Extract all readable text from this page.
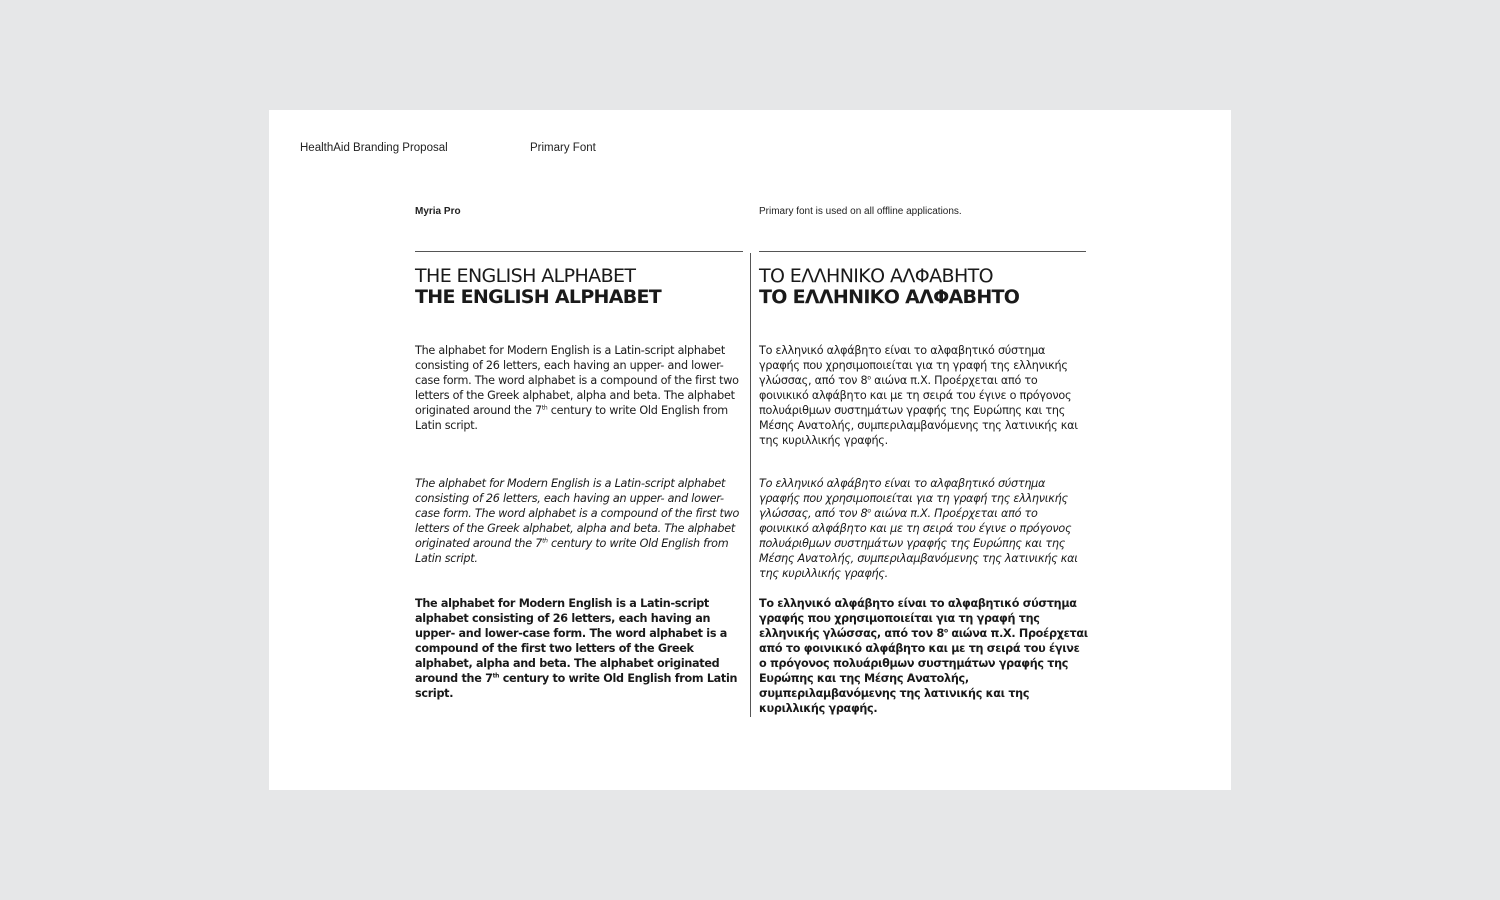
HealthAid Branding Proposal	Primary Font
Myria Pro	Primary font is used on all offline applications.
THE ENGLISH ALPHABET
THE ENGLISH ALPHABET
The alphabet for Modern English is a Latin-script alphabet consisting of 26 letters, each having an upper- and lower-case form. The word alphabet is a compound of the first two letters of the Greek alphabet, alpha and beta. The alphabet originated around the 7th century to write Old English from Latin script.
The alphabet for Modern English is a Latin-script alphabet consisting of 26 letters, each having an upper- and lower-case form. The word alphabet is a compound of the first two letters of the Greek alphabet, alpha and beta. The alphabet originated around the 7th century to write Old English from Latin script.
The alphabet for Modern English is a Latin-script alphabet consisting of 26 letters, each having an upper- and lower-case form. The word alphabet is a compound of the first two letters of the Greek alphabet, alpha and beta. The alphabet originated around the 7th century to write Old English from Latin script.
ΤΟ ΕΛΛΗΝΙΚΟ ΑΛΦΑΒΗΤΟ
ΤΟ ΕΛΛΗΝΙΚΟ ΑΛΦΑΒΗΤΟ
Το ελληνικό αλφάβητο είναι το αλφαβητικό σύστημα γραφής που χρησιμοποιείται για τη γραφή της ελληνικής γλώσσας, από τον $8^o$ αιώνα π.Χ. Προέρχεται από το φοινικικό αλφάβητο και με τη σειρά του έγινε ο πρόγονος πολυάριθμων συστημάτων γραφής της Ευρώπης και της Μέσης Ανατολής, συμπεριλαμβανόμενης της λατινικής και της κυριλλικής γραφής.
Το ελληνικό αλφάβητο είναι το αλφαβητικό σύστημα γραφής που χρησιμοποιείται για τη γραφή της ελληνικής γλώσσας, από τον $8^o$ αιώνα π.Χ. Προέρχεται από το φοινικικό αλφάβητο και με τη σειρά του έγινε ο πρόγονος πολυάριθμων συστημάτων γραφής της Ευρώπης και της Μέσης Ανατολής, συμπεριλαμβανόμενης της λατινικής και της κυριλλικής γραφής.
Το ελληνικό αλφάβητο είναι το αλφαβητικό σύστημα γραφής που χρησιμοποιείται για τη γραφή της ελληνικής γλώσσας, από τον $8^o$ αιώνα π.Χ. Προέρχεται από το φοινικικό αλφάβητο και με τη σειρά του έγινε ο πρόγονος πολυάριθμων συστημάτων γραφής της Ευρώπης και της Μέσης Ανατολής, συμπεριλαμβανόμενης της λατινικής και της κυριλλικής γραφής.
